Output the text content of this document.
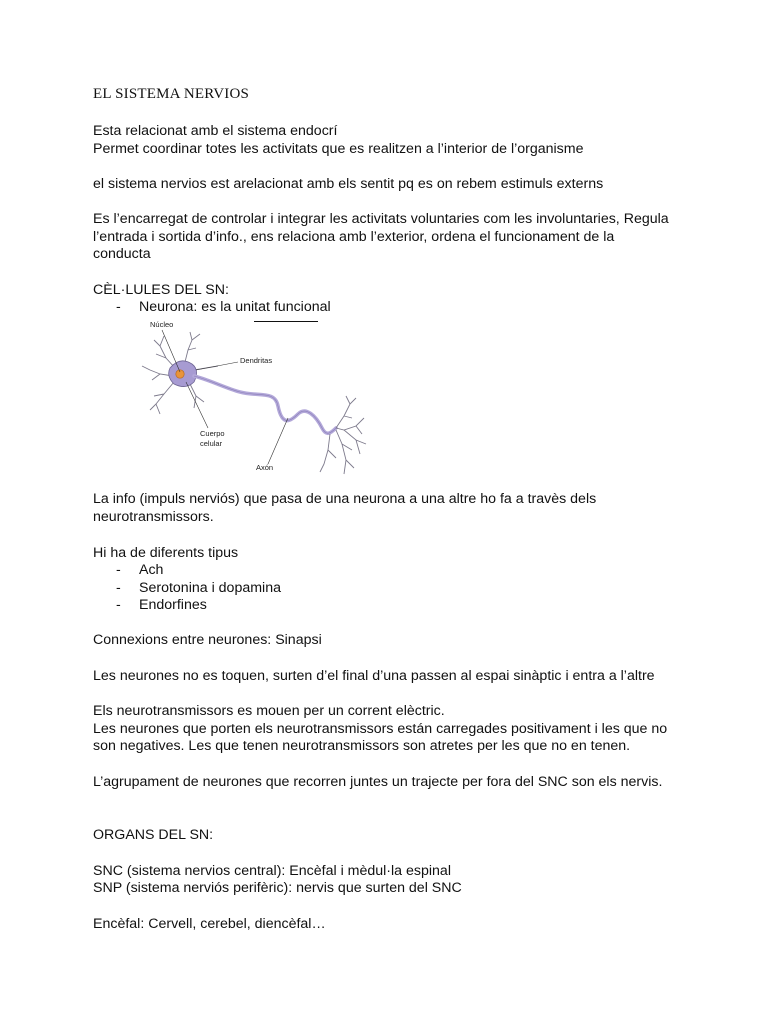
EL SISTEMA NERVIOS
Esta relacionat amb el sistema endocrí
Permet coordinar totes les activitats que es realitzen a l’interior de l’organisme
el sistema nervios est arelacionat amb els sentit pq es on rebem estimuls externs
Es l’encarregat de controlar i integrar les activitats voluntaries com les involuntaries, Regula
l’entrada i sortida d’info., ens relaciona amb l’exterior, ordena el funcionament de la
conducta
CÈL·LULES DEL SN:
- Neurona: es la unitat funcional
Núcleo
Dendritas
Cuerpo
celular
Axón
La info (impuls nerviós) que pasa de una neurona a una altre ho fa a travès dels
neurotransmissors.
Hi ha de diferents tipus
- Ach
- Serotonina i dopamina
- Endorfines
Connexions entre neurones: Sinapsi
Les neurones no es toquen, surten d’el final d’una passen al espai sinàptic i entra a l’altre
Els neurotransmissors es mouen per un corrent elèctric.
Les neurones que porten els neurotransmissors están carregades positivament i les que no
son negatives. Les que tenen neurotransmissors son atretes per les que no en tenen.
L’agrupament de neurones que recorren juntes un trajecte per fora del SNC son els nervis.
ORGANS DEL SN:
SNC (sistema nervios central): Encèfal i mèdul·la espinal
SNP (sistema nerviós perifèric): nervis que surten del SNC
Encèfal: Cervell, cerebel, diencèfal…
